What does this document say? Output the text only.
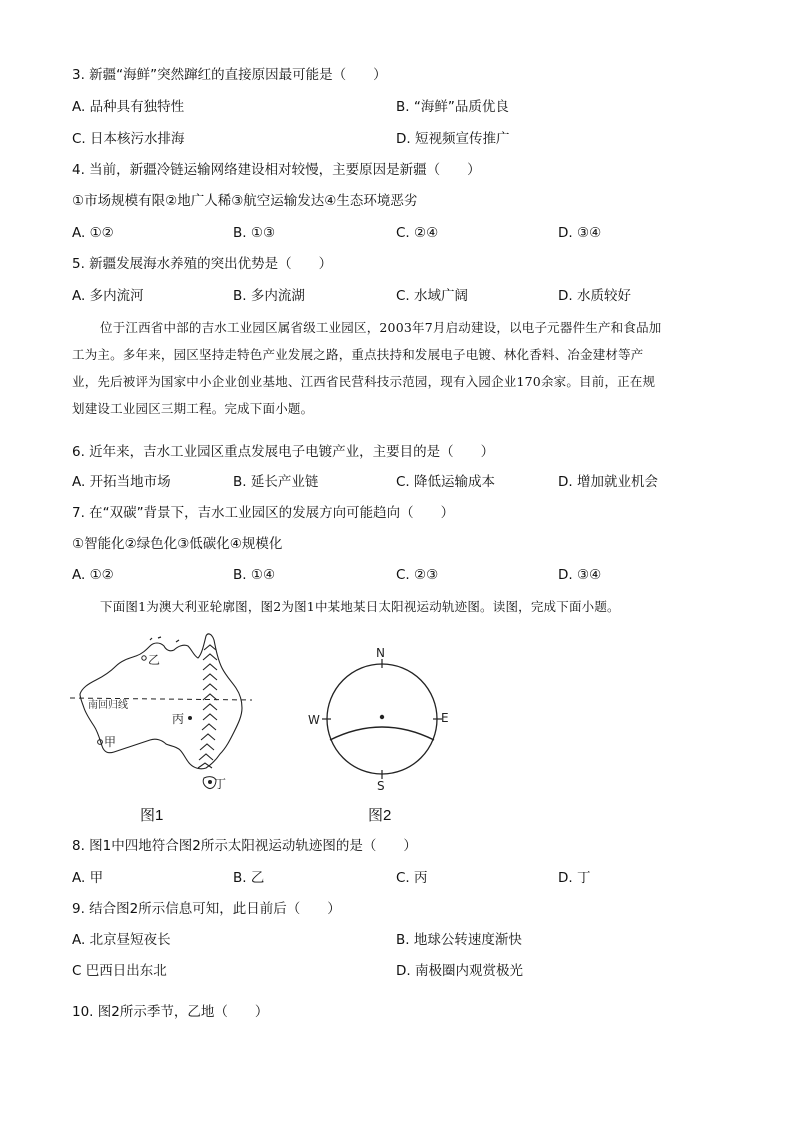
3. 新疆“海鲜”突然蹿红的直接原因最可能是（　　）
A. 品种具有独特性	B. “海鲜”品质优良
C. 日本核污水排海	D. 短视频宣传推广
4. 当前，新疆冷链运输网络建设相对较慢，主要原因是新疆（　　）
①市场规模有限②地广人稀③航空运输发达④生态环境恶劣
A. ①②	B. ①③	C. ②④	D. ③④
5. 新疆发展海水养殖的突出优势是（　　）
A. 多内流河	B. 多内流湖	C. 水域广阔	D. 水质较好

位于江西省中部的吉水工业园区属省级工业园区，2003年7月启动建设，以电子元器件生产和食品加

工为主。多年来，园区坚持走特色产业发展之路，重点扶持和发展电子电镀、林化香料、冶金建材等产

业，先后被评为国家中小企业创业基地、江西省民营科技示范园，现有入园企业170余家。目前，正在规

划建设工业园区三期工程。完成下面小题。

6. 近年来，吉水工业园区重点发展电子电镀产业，主要目的是（　　）
A. 开拓当地市场	B. 延长产业链	C. 降低运输成本	D. 增加就业机会
7. 在“双碳”背景下，吉水工业园区的发展方向可能趋向（　　）
①智能化②绿色化③低碳化④规模化
A. ①②	B. ①④	C. ②③	D. ③④
下面图1为澳大利亚轮廓图，图2为图1中某地某日太阳视运动轨迹图。读图，完成下面小题。
南回归线
乙
丙
甲
丁
图1
N
S
W	E
图2
8. 图1中四地符合图2所示太阳视运动轨迹图的是（　　）
A. 甲	B. 乙	C. 丙	D. 丁
9. 结合图2所示信息可知，此日前后（　　）
A. 北京昼短夜长	B. 地球公转速度渐快
C 巴西日出东北	D. 南极圈内观赏极光
10. 图2所示季节，乙地（　　）
